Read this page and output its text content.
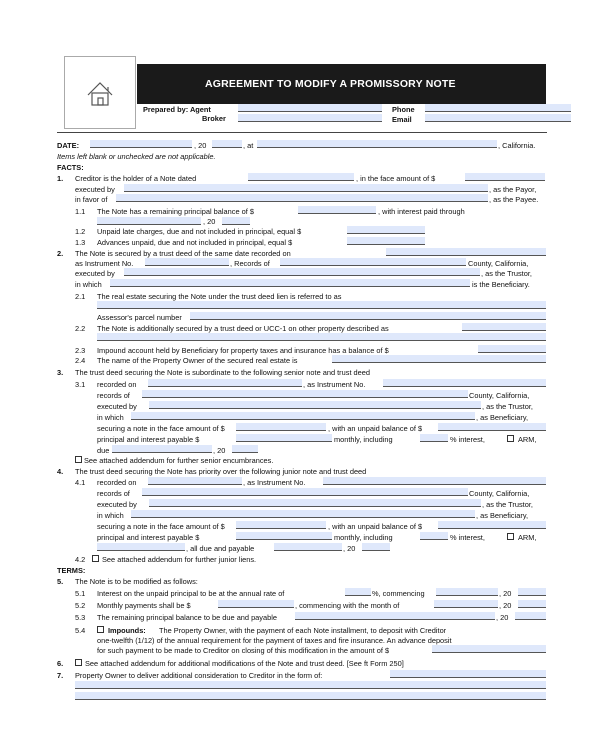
AGREEMENT TO MODIFY A PROMISSORY NOTE
Prepared by: Agent
Broker
Phone
Email
DATE:	, 20	, at	, California.
Items left blank or unchecked are not applicable.
FACTS:
1. Creditor is the holder of a Note dated	, in the face amount of $
executed by	, as the Payor,
in favor of	, as the Payee.
1.1 The Note has a remaining principal balance of $	, with interest paid through
, 20
1.2 Unpaid late charges, due and not included in principal, equal $
1.3 Advances unpaid, due and not included in principal, equal $
2. The Note is secured by a trust deed of the same date recorded on
as Instrument No.	, Records of	County, California,
executed by	, as the Trustor,
in which	is the Beneficiary.
2.1 The real estate securing the Note under the trust deed lien is referred to as
Assessor's parcel number
2.2 The Note is additionally secured by a trust deed or UCC-1 on other property described as
2.3 Impound account held by Beneficiary for property taxes and insurance has a balance of $
2.4 The name of the Property Owner of the secured real estate is
3. The trust deed securing the Note is subordinate to the following senior note and trust deed
3.1 recorded on	, as Instrument No.
records of	County, California,
executed by	, as the Trustor,
in which	, as Beneficiary,
securing a note in the face amount of $	, with an unpaid balance of $
principal and interest payable $	monthly, including	% interest,	ARM,
due	, 20
See attached addendum for further senior encumbrances.
4. The trust deed securing the Note has priority over the following junior note and trust deed
4.1 recorded on	, as Instrument No.
records of	County, California,
executed by	, as the Trustor,
in which	, as Beneficiary,
securing a note in the face amount of $	, with an unpaid balance of $
principal and interest payable $	monthly, including	% interest,	ARM,
, all due and payable	, 20
4.2 See attached addendum for further junior liens.
TERMS:
5. The Note is to be modified as follows:
5.1 Interest on the unpaid principal to be at the annual rate of	%, commencing	, 20
5.2 Monthly payments shall be $	, commencing with the month of	, 20
5.3 The remaining principal balance to be due and payable	, 20
5.4	Impounds: The Property Owner, with the payment of each Note installment, to deposit with Creditor
one-twelfth (1/12) of the annual requirement for the payment of taxes and fire insurance. An advance deposit
for such payment to be made to Creditor on closing of this modification in the amount of $
6.	See attached addendum for additional modifications of the Note and trust deed. [See ft Form 250]
7. Property Owner to deliver additional consideration to Creditor in the form of:
